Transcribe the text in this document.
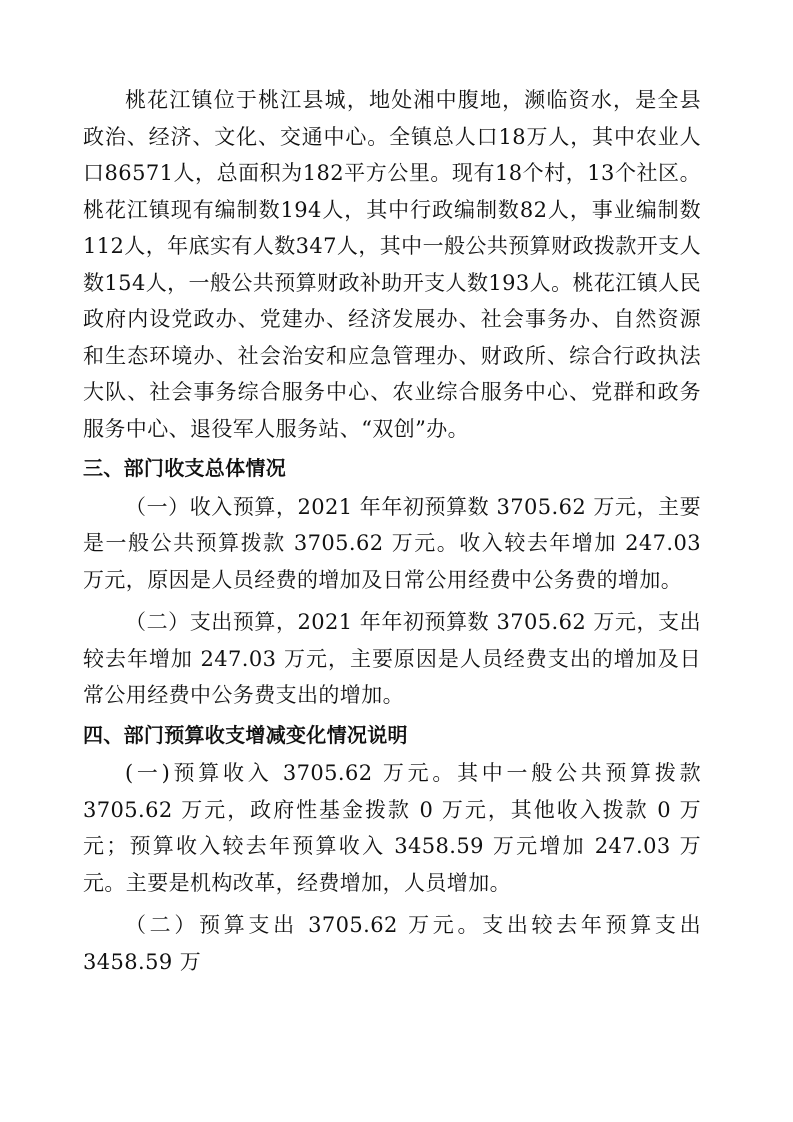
桃花江镇位于桃江县城，地处湘中腹地，濒临资水，是全县政治、经济、文化、交通中心。全镇总人口18万人，其中农业人口86571人，总面积为182平方公里。现有18个村，13个社区。桃花江镇现有编制数194人，其中行政编制数82人，事业编制数112人，年底实有人数347人，其中一般公共预算财政拨款开支人数154人，一般公共预算财政补助开支人数193人。桃花江镇人民政府内设党政办、党建办、经济发展办、社会事务办、自然资源和生态环境办、社会治安和应急管理办、财政所、综合行政执法大队、社会事务综合服务中心、农业综合服务中心、党群和政务服务中心、退役军人服务站、“双创”办。

三、部门收支总体情况

（一）收入预算，2021 年年初预算数 3705.62 万元，主要是一般公共预算拨款 3705.62 万元。收入较去年增加 247.03 万元，原因是人员经费的增加及日常公用经费中公务费的增加。

（二）支出预算，2021 年年初预算数 3705.62 万元，支出较去年增加 247.03 万元，主要原因是人员经费支出的增加及日常公用经费中公务费支出的增加。

四、部门预算收支增减变化情况说明

(一)预算收入 3705.62 万元。其中一般公共预算拨款 3705.62 万元，政府性基金拨款 0 万元，其他收入拨款 0 万元；预算收入较去年预算收入 3458.59 万元增加 247.03 万元。主要是机构改革，经费增加，人员增加。

（二）预算支出 3705.62 万元。支出较去年预算支出 3458.59 万
